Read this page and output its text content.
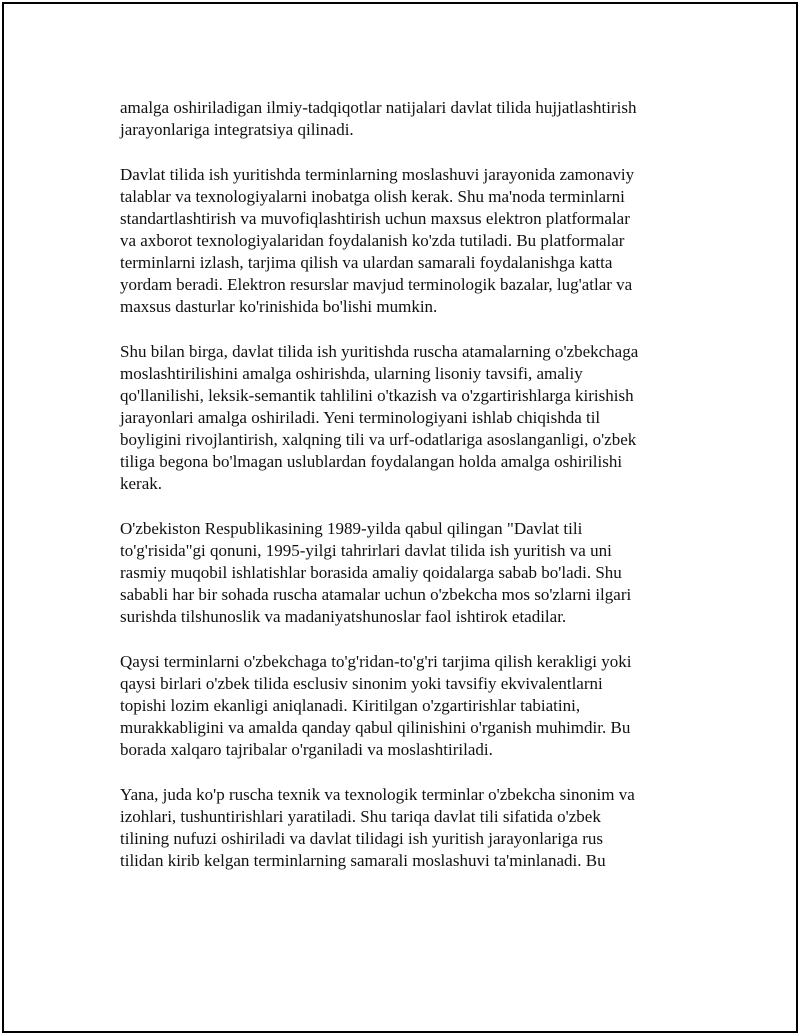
amalga oshiriladigan ilmiy-tadqiqotlar natijalari davlat tilida hujjatlashtirish
jarayonlariga integratsiya qilinadi.

Davlat tilida ish yuritishda terminlarning moslashuvi jarayonida zamonaviy
talablar va texnologiyalarni inobatga olish kerak. Shu ma'noda terminlarni
standartlashtirish va muvofiqlashtirish uchun maxsus elektron platformalar
va axborot texnologiyalaridan foydalanish ko'zda tutiladi. Bu platformalar
terminlarni izlash, tarjima qilish va ulardan samarali foydalanishga katta
yordam beradi. Elektron resurslar mavjud terminologik bazalar, lug'atlar va
maxsus dasturlar ko'rinishida bo'lishi mumkin.

Shu bilan birga, davlat tilida ish yuritishda ruscha atamalarning o'zbekchaga
moslashtirilishini amalga oshirishda, ularning lisoniy tavsifi, amaliy
qo'llanilishi, leksik-semantik tahlilini o'tkazish va o'zgartirishlarga kirishish
jarayonlari amalga oshiriladi. Yeni terminologiyani ishlab chiqishda til
boyligini rivojlantirish, xalqning tili va urf-odatlariga asoslanganligi, o'zbek
tiliga begona bo'lmagan uslublardan foydalangan holda amalga oshirilishi
kerak.

O'zbekiston Respublikasining 1989-yilda qabul qilingan "Davlat tili
to'g'risida"gi qonuni, 1995-yilgi tahrirlari davlat tilida ish yuritish va uni
rasmiy muqobil ishlatishlar borasida amaliy qoidalarga sabab bo'ladi. Shu
sababli har bir sohada ruscha atamalar uchun o'zbekcha mos so'zlarni ilgari
surishda tilshunoslik va madaniyatshunoslar faol ishtirok etadilar.

Qaysi terminlarni o'zbekchaga to'g'ridan-to'g'ri tarjima qilish kerakligi yoki
qaysi birlari o'zbek tilida esclusiv sinonim yoki tavsifiy ekvivalentlarni
topishi lozim ekanligi aniqlanadi. Kiritilgan o'zgartirishlar tabiatini,
murakkabligini va amalda qanday qabul qilinishini o'rganish muhimdir. Bu
borada xalqaro tajribalar o'rganiladi va moslashtiriladi.

Yana, juda ko'p ruscha texnik va texnologik terminlar o'zbekcha sinonim va
izohlari, tushuntirishlari yaratiladi. Shu tariqa davlat tili sifatida o'zbek
tilining nufuzi oshiriladi va davlat tilidagi ish yuritish jarayonlariga rus
tilidan kirib kelgan terminlarning samarali moslashuvi ta'minlanadi. Bu
